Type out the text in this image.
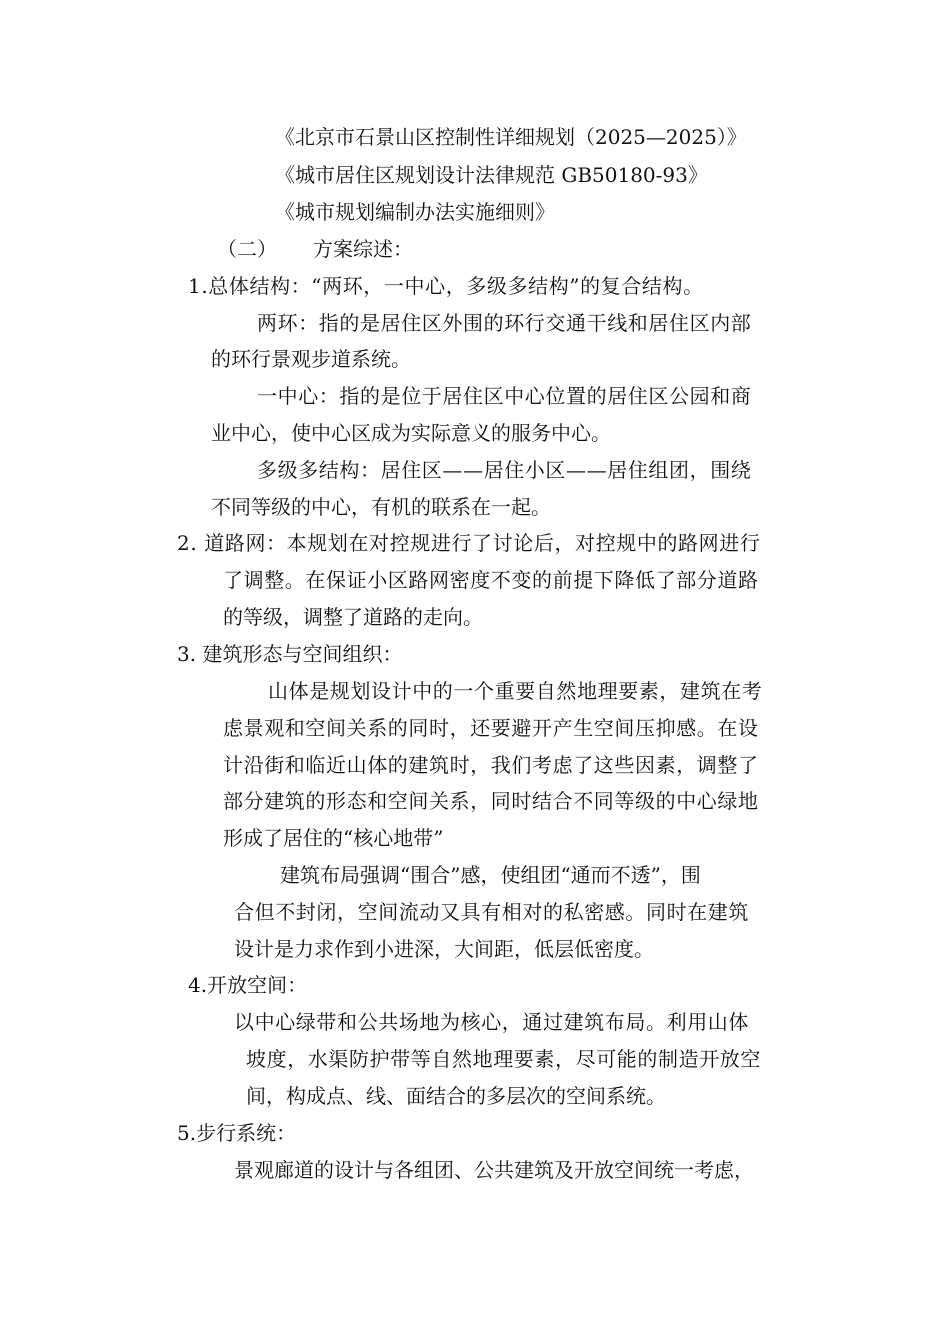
《北京市石景山区控制性详细规划（2025—2025）》
《城市居住区规划设计法律规范 GB50180-93》
《城市规划编制办法实施细则》
（二） 方案综述：
1.总体结构：“两环，一中心，多级多结构”的复合结构。
两环：指的是居住区外围的环行交通干线和居住区内部
的环行景观步道系统。
一中心：指的是位于居住区中心位置的居住区公园和商
业中心，使中心区成为实际意义的服务中心。
多级多结构：居住区——居住小区——居住组团，围绕
不同等级的中心，有机的联系在一起。
2. 道路网：本规划在对控规进行了讨论后，对控规中的路网进行
了调整。在保证小区路网密度不变的前提下降低了部分道路
的等级，调整了道路的走向。
3. 建筑形态与空间组织：
山体是规划设计中的一个重要自然地理要素，建筑在考
虑景观和空间关系的同时，还要避开产生空间压抑感。在设
计沿街和临近山体的建筑时，我们考虑了这些因素，调整了
部分建筑的形态和空间关系，同时结合不同等级的中心绿地
形成了居住的“核心地带”
建筑布局强调“围合”感，使组团“通而不透”，围
合但不封闭，空间流动又具有相对的私密感。同时在建筑
设计是力求作到小进深，大间距，低层低密度。
4.开放空间：
以中心绿带和公共场地为核心，通过建筑布局。利用山体
坡度，水渠防护带等自然地理要素，尽可能的制造开放空
间，构成点、线、面结合的多层次的空间系统。
5.步行系统：
景观廊道的设计与各组团、公共建筑及开放空间统一考虑，
